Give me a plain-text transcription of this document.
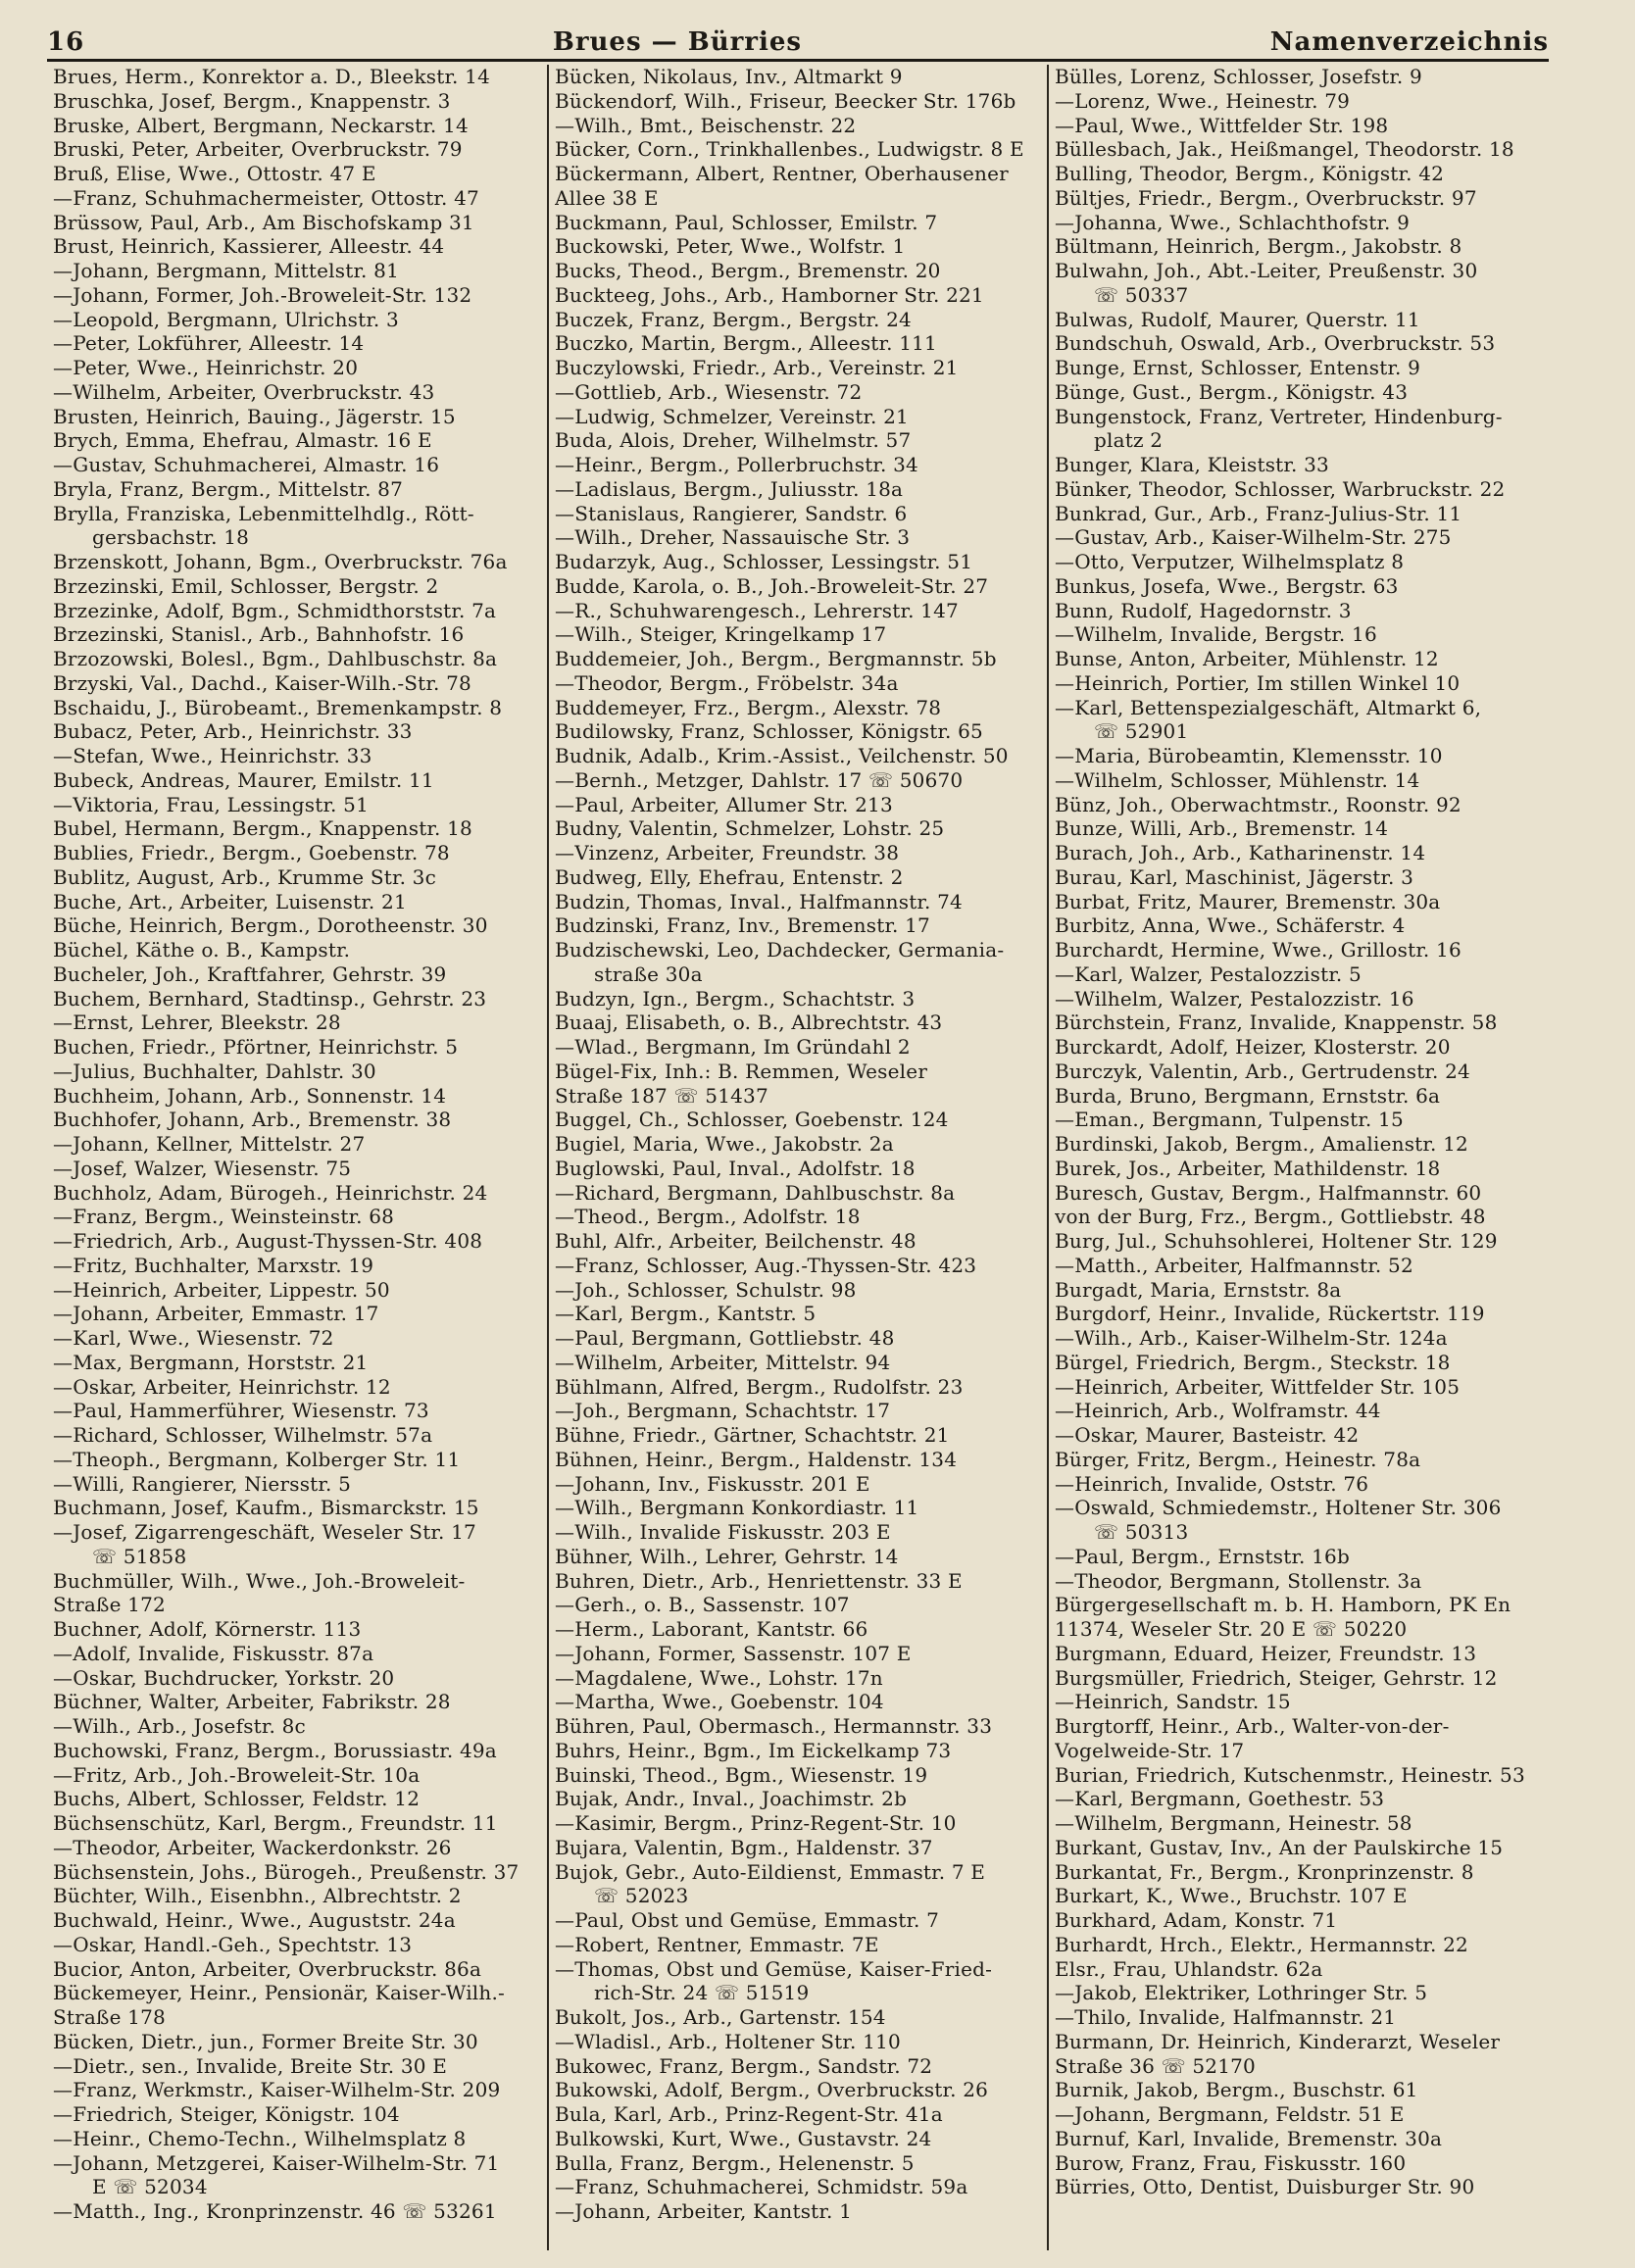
16	Brues — Bürries	Namenverzeichnis
Brues, Herm., Konrektor a. D., Bleekstr. 14
Bruschka, Josef, Bergm., Knappenstr. 3
Bruske, Albert, Bergmann, Neckarstr. 14
Bruski, Peter, Arbeiter, Overbruckstr. 79
Bruß, Elise, Wwe., Ottostr. 47 E
—Franz, Schuhmachermeister, Ottostr. 47
Brüssow, Paul, Arb., Am Bischofskamp 31
Brust, Heinrich, Kassierer, Alleestr. 44
—Johann, Bergmann, Mittelstr. 81
—Johann, Former, Joh.-Broweleit-Str. 132
—Leopold, Bergmann, Ulrichstr. 3
—Peter, Lokführer, Alleestr. 14
—Peter, Wwe., Heinrichstr. 20
—Wilhelm, Arbeiter, Overbruckstr. 43
Brusten, Heinrich, Bauing., Jägerstr. 15
Brych, Emma, Ehefrau, Almastr. 16 E
—Gustav, Schuhmacherei, Almastr. 16
Bryla, Franz, Bergm., Mittelstr. 87
Brylla, Franziska, Lebenmittelhdlg., Rött-
gersbachstr. 18
Brzenskott, Johann, Bgm., Overbruckstr. 76a
Brzezinski, Emil, Schlosser, Bergstr. 2
Brzezinke, Adolf, Bgm., Schmidthorststr. 7a
Brzezinski, Stanisl., Arb., Bahnhofstr. 16
Brzozowski, Bolesl., Bgm., Dahlbuschstr. 8a
Brzyski, Val., Dachd., Kaiser-Wilh.-Str. 78
Bschaidu, J., Bürobeamt., Bremenkampstr. 8
Bubacz, Peter, Arb., Heinrichstr. 33
—Stefan, Wwe., Heinrichstr. 33
Bubeck, Andreas, Maurer, Emilstr. 11
—Viktoria, Frau, Lessingstr. 51
Bubel, Hermann, Bergm., Knappenstr. 18
Bublies, Friedr., Bergm., Goebenstr. 78
Bublitz, August, Arb., Krumme Str. 3c
Buche, Art., Arbeiter, Luisenstr. 21
Büche, Heinrich, Bergm., Dorotheenstr. 30
Büchel, Käthe o. B., Kampstr.
Bucheler, Joh., Kraftfahrer, Gehrstr. 39
Buchem, Bernhard, Stadtinsp., Gehrstr. 23
—Ernst, Lehrer, Bleekstr. 28
Buchen, Friedr., Pförtner, Heinrichstr. 5
—Julius, Buchhalter, Dahlstr. 30
Buchheim, Johann, Arb., Sonnenstr. 14
Buchhofer, Johann, Arb., Bremenstr. 38
—Johann, Kellner, Mittelstr. 27
—Josef, Walzer, Wiesenstr. 75
Buchholz, Adam, Bürogeh., Heinrichstr. 24
—Franz, Bergm., Weinsteinstr. 68
—Friedrich, Arb., August-Thyssen-Str. 408
—Fritz, Buchhalter, Marxstr. 19
—Heinrich, Arbeiter, Lippestr. 50
—Johann, Arbeiter, Emmastr. 17
—Karl, Wwe., Wiesenstr. 72
—Max, Bergmann, Horststr. 21
—Oskar, Arbeiter, Heinrichstr. 12
—Paul, Hammerführer, Wiesenstr. 73
—Richard, Schlosser, Wilhelmstr. 57a
—Theoph., Bergmann, Kolberger Str. 11
—Willi, Rangierer, Niersstr. 5
Buchmann, Josef, Kaufm., Bismarckstr. 15
—Josef, Zigarrengeschäft, Weseler Str. 17
☏ 51858
Buchmüller, Wilh., Wwe., Joh.-Broweleit-
Straße 172
Buchner, Adolf, Körnerstr. 113
—Adolf, Invalide, Fiskusstr. 87a
—Oskar, Buchdrucker, Yorkstr. 20
Büchner, Walter, Arbeiter, Fabrikstr. 28
—Wilh., Arb., Josefstr. 8c
Buchowski, Franz, Bergm., Borussiastr. 49a
—Fritz, Arb., Joh.-Broweleit-Str. 10a
Buchs, Albert, Schlosser, Feldstr. 12
Büchsenschütz, Karl, Bergm., Freundstr. 11
—Theodor, Arbeiter, Wackerdonkstr. 26
Büchsenstein, Johs., Bürogeh., Preußenstr. 37
Büchter, Wilh., Eisenbhn., Albrechtstr. 2
Buchwald, Heinr., Wwe., Auguststr. 24a
—Oskar, Handl.-Geh., Spechtstr. 13
Bucior, Anton, Arbeiter, Overbruckstr. 86a
Bückemeyer, Heinr., Pensionär, Kaiser-Wilh.-
Straße 178
Bücken, Dietr., jun., Former Breite Str. 30
—Dietr., sen., Invalide, Breite Str. 30 E
—Franz, Werkmstr., Kaiser-Wilhelm-Str. 209
—Friedrich, Steiger, Königstr. 104
—Heinr., Chemo-Techn., Wilhelmsplatz 8
—Johann, Metzgerei, Kaiser-Wilhelm-Str. 71
E ☏ 52034
—Matth., Ing., Kronprinzenstr. 46 ☏ 53261
Bücken, Nikolaus, Inv., Altmarkt 9
Bückendorf, Wilh., Friseur, Beecker Str. 176b
—Wilh., Bmt., Beischenstr. 22
Bücker, Corn., Trinkhallenbes., Ludwigstr. 8 E
Bückermann, Albert, Rentner, Oberhausener
Allee 38 E
Buckmann, Paul, Schlosser, Emilstr. 7
Buckowski, Peter, Wwe., Wolfstr. 1
Bucks, Theod., Bergm., Bremenstr. 20
Buckteeg, Johs., Arb., Hamborner Str. 221
Buczek, Franz, Bergm., Bergstr. 24
Buczko, Martin, Bergm., Alleestr. 111
Buczylowski, Friedr., Arb., Vereinstr. 21
—Gottlieb, Arb., Wiesenstr. 72
—Ludwig, Schmelzer, Vereinstr. 21
Buda, Alois, Dreher, Wilhelmstr. 57
—Heinr., Bergm., Pollerbruchstr. 34
—Ladislaus, Bergm., Juliusstr. 18a
—Stanislaus, Rangierer, Sandstr. 6
—Wilh., Dreher, Nassauische Str. 3
Budarzyk, Aug., Schlosser, Lessingstr. 51
Budde, Karola, o. B., Joh.-Broweleit-Str. 27
—R., Schuhwarengesch., Lehrerstr. 147
—Wilh., Steiger, Kringelkamp 17
Buddemeier, Joh., Bergm., Bergmannstr. 5b
—Theodor, Bergm., Fröbelstr. 34a
Buddemeyer, Frz., Bergm., Alexstr. 78
Budilowsky, Franz, Schlosser, Königstr. 65
Budnik, Adalb., Krim.-Assist., Veilchenstr. 50
—Bernh., Metzger, Dahlstr. 17 ☏ 50670
—Paul, Arbeiter, Allumer Str. 213
Budny, Valentin, Schmelzer, Lohstr. 25
—Vinzenz, Arbeiter, Freundstr. 38
Budweg, Elly, Ehefrau, Entenstr. 2
Budzin, Thomas, Inval., Halfmannstr. 74
Budzinski, Franz, Inv., Bremenstr. 17
Budzischewski, Leo, Dachdecker, Germania-
straße 30a
Budzyn, Ign., Bergm., Schachtstr. 3
Buaaj, Elisabeth, o. B., Albrechtstr. 43
—Wlad., Bergmann, Im Gründahl 2
Bügel-Fix, Inh.: B. Remmen, Weseler
Straße 187 ☏ 51437
Buggel, Ch., Schlosser, Goebenstr. 124
Bugiel, Maria, Wwe., Jakobstr. 2a
Buglowski, Paul, Inval., Adolfstr. 18
—Richard, Bergmann, Dahlbuschstr. 8a
—Theod., Bergm., Adolfstr. 18
Buhl, Alfr., Arbeiter, Beilchenstr. 48
—Franz, Schlosser, Aug.-Thyssen-Str. 423
—Joh., Schlosser, Schulstr. 98
—Karl, Bergm., Kantstr. 5
—Paul, Bergmann, Gottliebstr. 48
—Wilhelm, Arbeiter, Mittelstr. 94
Bühlmann, Alfred, Bergm., Rudolfstr. 23
—Joh., Bergmann, Schachtstr. 17
Bühne, Friedr., Gärtner, Schachtstr. 21
Bühnen, Heinr., Bergm., Haldenstr. 134
—Johann, Inv., Fiskusstr. 201 E
—Wilh., Bergmann Konkordiastr. 11
—Wilh., Invalide Fiskusstr. 203 E
Bühner, Wilh., Lehrer, Gehrstr. 14
Buhren, Dietr., Arb., Henriettenstr. 33 E
—Gerh., o. B., Sassenstr. 107
—Herm., Laborant, Kantstr. 66
—Johann, Former, Sassenstr. 107 E
—Magdalene, Wwe., Lohstr. 17n
—Martha, Wwe., Goebenstr. 104
Bühren, Paul, Obermasch., Hermannstr. 33
Buhrs, Heinr., Bgm., Im Eickelkamp 73
Buinski, Theod., Bgm., Wiesenstr. 19
Bujak, Andr., Inval., Joachimstr. 2b
—Kasimir, Bergm., Prinz-Regent-Str. 10
Bujara, Valentin, Bgm., Haldenstr. 37
Bujok, Gebr., Auto-Eildienst, Emmastr. 7 E
☏ 52023
—Paul, Obst und Gemüse, Emmastr. 7
—Robert, Rentner, Emmastr. 7E
—Thomas, Obst und Gemüse, Kaiser-Fried-
rich-Str. 24 ☏ 51519
Bukolt, Jos., Arb., Gartenstr. 154
—Wladisl., Arb., Holtener Str. 110
Bukowec, Franz, Bergm., Sandstr. 72
Bukowski, Adolf, Bergm., Overbruckstr. 26
Bula, Karl, Arb., Prinz-Regent-Str. 41a
Bulkowski, Kurt, Wwe., Gustavstr. 24
Bulla, Franz, Bergm., Helenenstr. 5
—Franz, Schuhmacherei, Schmidstr. 59a
—Johann, Arbeiter, Kantstr. 1
Bülles, Lorenz, Schlosser, Josefstr. 9
—Lorenz, Wwe., Heinestr. 79
—Paul, Wwe., Wittfelder Str. 198
Büllesbach, Jak., Heißmangel, Theodorstr. 18
Bulling, Theodor, Bergm., Königstr. 42
Bültjes, Friedr., Bergm., Overbruckstr. 97
—Johanna, Wwe., Schlachthofstr. 9
Bültmann, Heinrich, Bergm., Jakobstr. 8
Bulwahn, Joh., Abt.-Leiter, Preußenstr. 30
☏ 50337
Bulwas, Rudolf, Maurer, Querstr. 11
Bundschuh, Oswald, Arb., Overbruckstr. 53
Bunge, Ernst, Schlosser, Entenstr. 9
Bünge, Gust., Bergm., Königstr. 43
Bungenstock, Franz, Vertreter, Hindenburg-
platz 2
Bunger, Klara, Kleiststr. 33
Bünker, Theodor, Schlosser, Warbruckstr. 22
Bunkrad, Gur., Arb., Franz-Julius-Str. 11
—Gustav, Arb., Kaiser-Wilhelm-Str. 275
—Otto, Verputzer, Wilhelmsplatz 8
Bunkus, Josefa, Wwe., Bergstr. 63
Bunn, Rudolf, Hagedornstr. 3
—Wilhelm, Invalide, Bergstr. 16
Bunse, Anton, Arbeiter, Mühlenstr. 12
—Heinrich, Portier, Im stillen Winkel 10
—Karl, Bettenspezialgeschäft, Altmarkt 6,
☏ 52901
—Maria, Bürobeamtin, Klemensstr. 10
—Wilhelm, Schlosser, Mühlenstr. 14
Bünz, Joh., Oberwachtmstr., Roonstr. 92
Bunze, Willi, Arb., Bremenstr. 14
Burach, Joh., Arb., Katharinenstr. 14
Burau, Karl, Maschinist, Jägerstr. 3
Burbat, Fritz, Maurer, Bremenstr. 30a
Burbitz, Anna, Wwe., Schäferstr. 4
Burchardt, Hermine, Wwe., Grillostr. 16
—Karl, Walzer, Pestalozzistr. 5
—Wilhelm, Walzer, Pestalozzistr. 16
Bürchstein, Franz, Invalide, Knappenstr. 58
Burckardt, Adolf, Heizer, Klosterstr. 20
Burczyk, Valentin, Arb., Gertrudenstr. 24
Burda, Bruno, Bergmann, Ernststr. 6a
—Eman., Bergmann, Tulpenstr. 15
Burdinski, Jakob, Bergm., Amalienstr. 12
Burek, Jos., Arbeiter, Mathildenstr. 18
Buresch, Gustav, Bergm., Halfmannstr. 60
von der Burg, Frz., Bergm., Gottliebstr. 48
Burg, Jul., Schuhsohlerei, Holtener Str. 129
—Matth., Arbeiter, Halfmannstr. 52
Burgadt, Maria, Ernststr. 8a
Burgdorf, Heinr., Invalide, Rückertstr. 119
—Wilh., Arb., Kaiser-Wilhelm-Str. 124a
Bürgel, Friedrich, Bergm., Steckstr. 18
—Heinrich, Arbeiter, Wittfelder Str. 105
—Heinrich, Arb., Wolframstr. 44
—Oskar, Maurer, Basteistr. 42
Bürger, Fritz, Bergm., Heinestr. 78a
—Heinrich, Invalide, Oststr. 76
—Oswald, Schmiedemstr., Holtener Str. 306
☏ 50313
—Paul, Bergm., Ernststr. 16b
—Theodor, Bergmann, Stollenstr. 3a
Bürgergesellschaft m. b. H. Hamborn, PK En
11374, Weseler Str. 20 E ☏ 50220
Burgmann, Eduard, Heizer, Freundstr. 13
Burgsmüller, Friedrich, Steiger, Gehrstr. 12
—Heinrich, Sandstr. 15
Burgtorff, Heinr., Arb., Walter-von-der-
Vogelweide-Str. 17
Burian, Friedrich, Kutschenmstr., Heinestr. 53
—Karl, Bergmann, Goethestr. 53
—Wilhelm, Bergmann, Heinestr. 58
Burkant, Gustav, Inv., An der Paulskirche 15
Burkantat, Fr., Bergm., Kronprinzenstr. 8
Burkart, K., Wwe., Bruchstr. 107 E
Burkhard, Adam, Konstr. 71
Burhardt, Hrch., Elektr., Hermannstr. 22
Elsr., Frau, Uhlandstr. 62a
—Jakob, Elektriker, Lothringer Str. 5
—Thilo, Invalide, Halfmannstr. 21
Burmann, Dr. Heinrich, Kinderarzt, Weseler
Straße 36 ☏ 52170
Burnik, Jakob, Bergm., Buschstr. 61
—Johann, Bergmann, Feldstr. 51 E
Burnuf, Karl, Invalide, Bremenstr. 30a
Burow, Franz, Frau, Fiskusstr. 160
Bürries, Otto, Dentist, Duisburger Str. 90
